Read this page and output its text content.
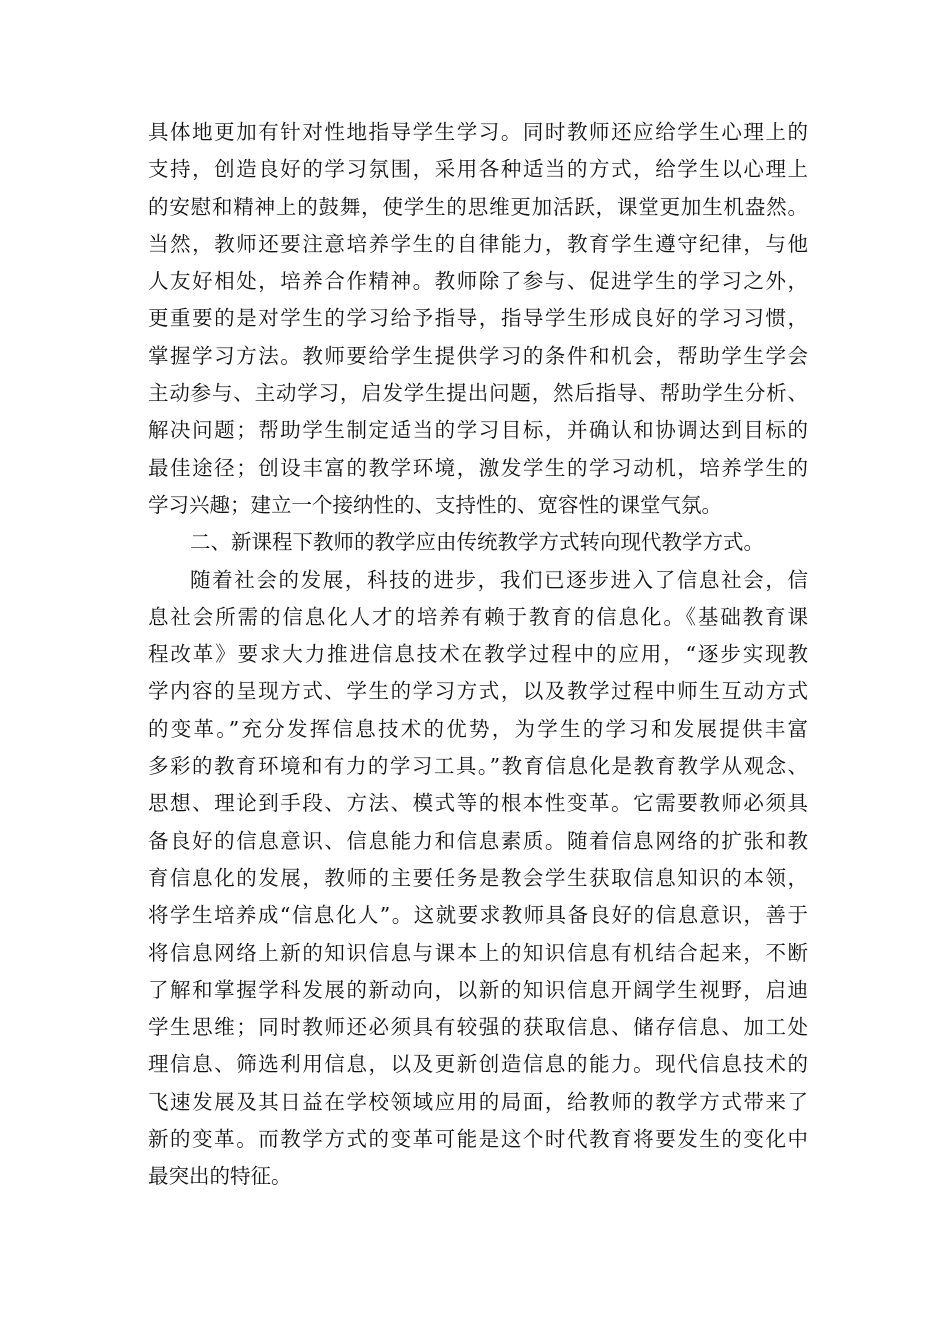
具体地更加有针对性地指导学生学习。同时教师还应给学生心理上的
支持，创造良好的学习氛围，采用各种适当的方式，给学生以心理上
的安慰和精神上的鼓舞，使学生的思维更加活跃，课堂更加生机盎然。
当然，教师还要注意培养学生的自律能力，教育学生遵守纪律，与他
人友好相处，培养合作精神。教师除了参与、促进学生的学习之外，
更重要的是对学生的学习给予指导，指导学生形成良好的学习习惯，
掌握学习方法。教师要给学生提供学习的条件和机会，帮助学生学会
主动参与、主动学习，启发学生提出问题，然后指导、帮助学生分析、
解决问题；帮助学生制定适当的学习目标，并确认和协调达到目标的
最佳途径；创设丰富的教学环境，激发学生的学习动机，培养学生的
学习兴趣；建立一个接纳性的、支持性的、宽容性的课堂气氛。
二、新课程下教师的教学应由传统教学方式转向现代教学方式。
随着社会的发展，科技的进步，我们已逐步进入了信息社会，信
息社会所需的信息化人才的培养有赖于教育的信息化。《基础教育课
程改革》要求大力推进信息技术在教学过程中的应用，“逐步实现教
学内容的呈现方式、学生的学习方式，以及教学过程中师生互动方式
的变革。”充分发挥信息技术的优势，为学生的学习和发展提供丰富
多彩的教育环境和有力的学习工具。”教育信息化是教育教学从观念、
思想、理论到手段、方法、模式等的根本性变革。它需要教师必须具
备良好的信息意识、信息能力和信息素质。随着信息网络的扩张和教
育信息化的发展，教师的主要任务是教会学生获取信息知识的本领，
将学生培养成“信息化人”。这就要求教师具备良好的信息意识，善于
将信息网络上新的知识信息与课本上的知识信息有机结合起来，不断
了解和掌握学科发展的新动向，以新的知识信息开阔学生视野，启迪
学生思维；同时教师还必须具有较强的获取信息、储存信息、加工处
理信息、筛选利用信息，以及更新创造信息的能力。现代信息技术的
飞速发展及其日益在学校领域应用的局面，给教师的教学方式带来了
新的变革。而教学方式的变革可能是这个时代教育将要发生的变化中
最突出的特征。
